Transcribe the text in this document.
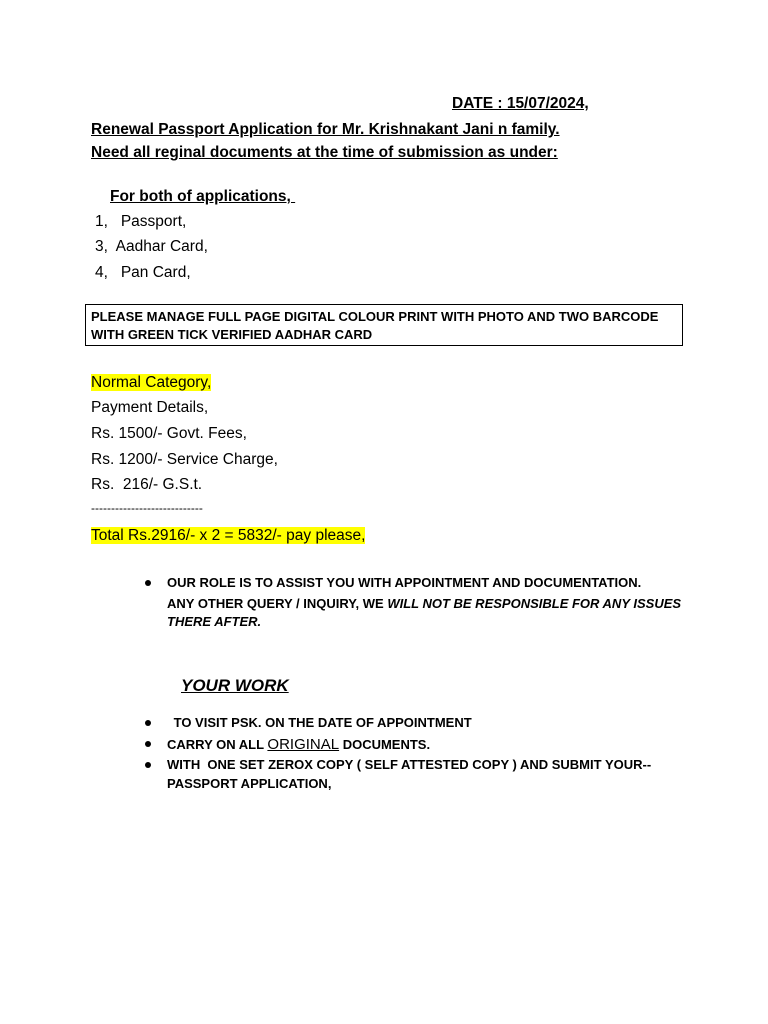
DATE : 15/07/2024,
Renewal Passport Application for Mr. Krishnakant Jani n family.
Need all reginal documents at the time of submission as under:
For both of applications,
1,   Passport,
3,  Aadhar Card,
4,   Pan Card,
PLEASE MANAGE FULL PAGE DIGITAL COLOUR PRINT WITH PHOTO AND TWO BARCODE WITH GREEN TICK VERIFIED AADHAR CARD
Normal Category,
Payment Details,
Rs. 1500/- Govt. Fees,
Rs. 1200/- Service Charge,
Rs.  216/- G.S.t.
----------------------------
Total Rs.2916/- x 2 = 5832/- pay please,
OUR ROLE IS TO ASSIST YOU WITH APPOINTMENT AND DOCUMENTATION.
ANY OTHER QUERY / INQUIRY, WE WILL NOT BE RESPONSIBLE FOR ANY ISSUES
THERE AFTER.
YOUR WORK
TO VISIT PSK. ON THE DATE OF APPOINTMENT
CARRY ON ALL ORIGINAL DOCUMENTS.
WITH  ONE SET ZEROX COPY ( SELF ATTESTED COPY ) AND SUBMIT YOUR--
PASSPORT APPLICATION,
